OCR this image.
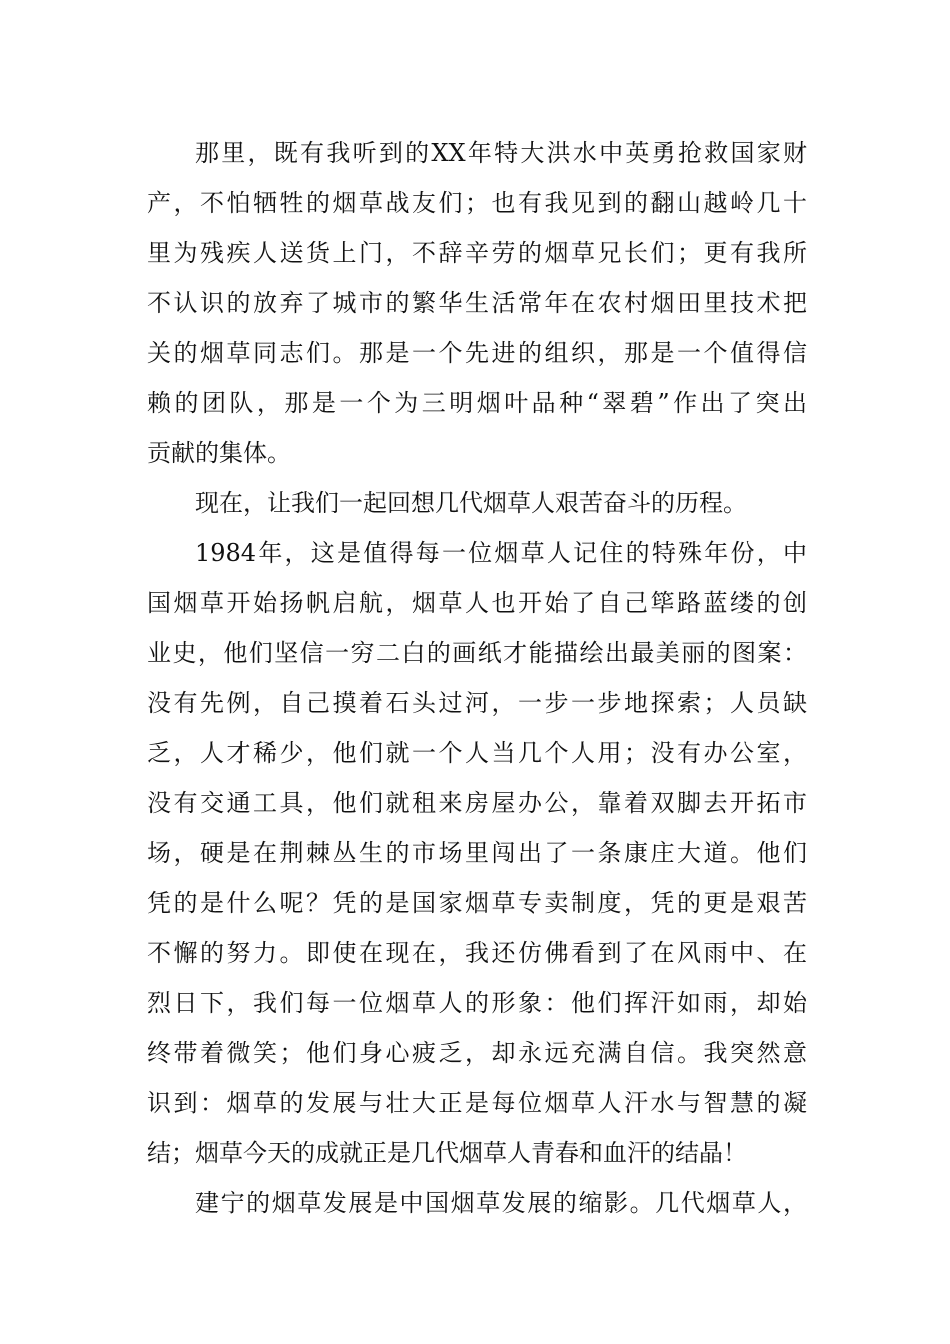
那里，既有我听到的XX年特大洪水中英勇抢救国家财
产，不怕牺牲的烟草战友们；也有我见到的翻山越岭几十
里为残疾人送货上门，不辞辛劳的烟草兄长们；更有我所
不认识的放弃了城市的繁华生活常年在农村烟田里技术把
关的烟草同志们。那是一个先进的组织，那是一个值得信
赖的团队，那是一个为三明烟叶品种“翠碧”作出了突出
贡献的集体。
现在，让我们一起回想几代烟草人艰苦奋斗的历程。
1984年，这是值得每一位烟草人记住的特殊年份，中
国烟草开始扬帆启航，烟草人也开始了自己筚路蓝缕的创
业史，他们坚信一穷二白的画纸才能描绘出最美丽的图案：
没有先例，自己摸着石头过河，一步一步地探索；人员缺
乏，人才稀少，他们就一个人当几个人用；没有办公室，
没有交通工具，他们就租来房屋办公，靠着双脚去开拓市
场，硬是在荆棘丛生的市场里闯出了一条康庄大道。他们
凭的是什么呢？凭的是国家烟草专卖制度，凭的更是艰苦
不懈的努力。即使在现在，我还仿佛看到了在风雨中、在
烈日下，我们每一位烟草人的形象：他们挥汗如雨，却始
终带着微笑；他们身心疲乏，却永远充满自信。我突然意
识到：烟草的发展与壮大正是每位烟草人汗水与智慧的凝
结；烟草今天的成就正是几代烟草人青春和血汗的结晶！
建宁的烟草发展是中国烟草发展的缩影。几代烟草人，
